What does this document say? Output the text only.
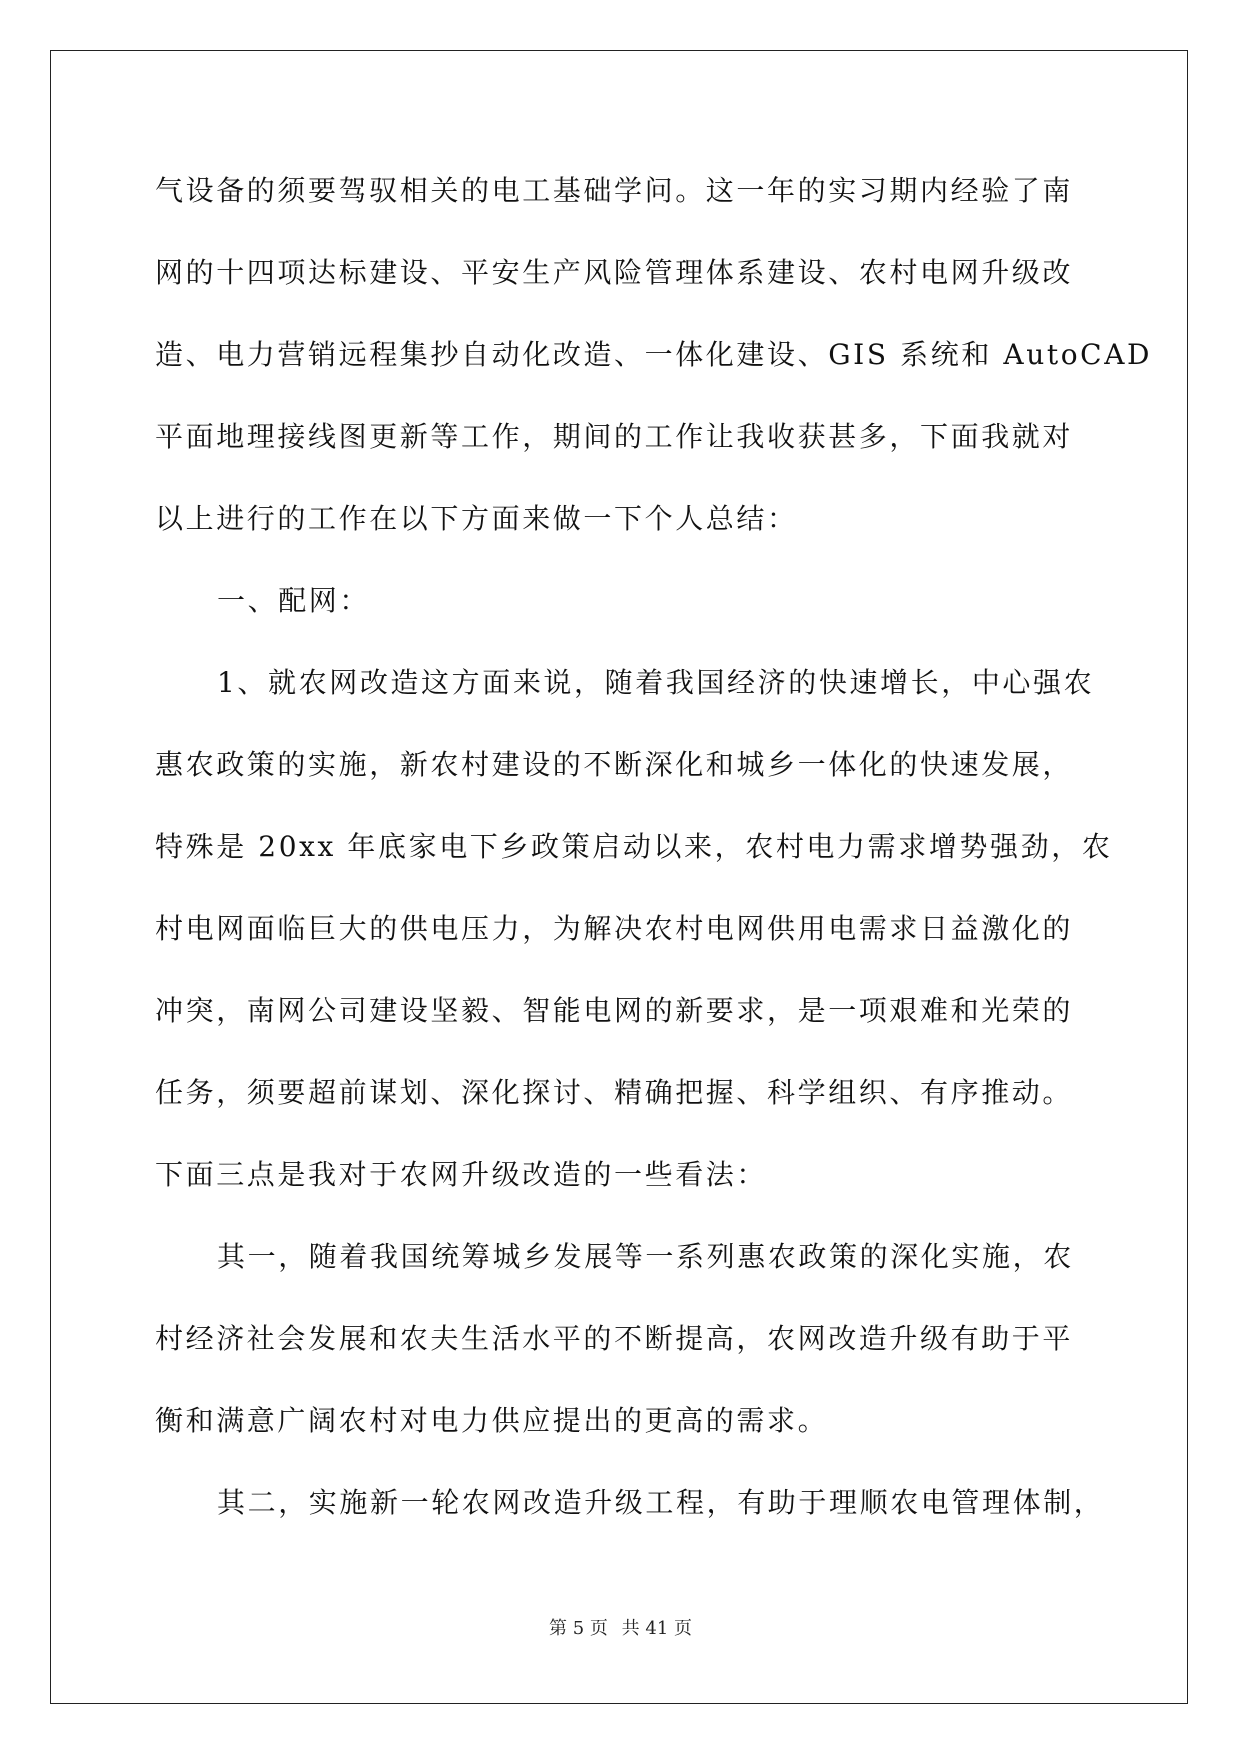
气设备的须要驾驭相关的电工基础学问。这一年的实习期内经验了南
网的十四项达标建设、平安生产风险管理体系建设、农村电网升级改
造、电力营销远程集抄自动化改造、一体化建设、GIS 系统和 AutoCAD
平面地理接线图更新等工作，期间的工作让我收获甚多，下面我就对
以上进行的工作在以下方面来做一下个人总结：
一、配网：
1、就农网改造这方面来说，随着我国经济的快速增长，中心强农
惠农政策的实施，新农村建设的不断深化和城乡一体化的快速发展，
特殊是 20xx 年底家电下乡政策启动以来，农村电力需求增势强劲，农
村电网面临巨大的供电压力，为解决农村电网供用电需求日益激化的
冲突，南网公司建设坚毅、智能电网的新要求，是一项艰难和光荣的
任务，须要超前谋划、深化探讨、精确把握、科学组织、有序推动。
下面三点是我对于农网升级改造的一些看法：
其一，随着我国统筹城乡发展等一系列惠农政策的深化实施，农
村经济社会发展和农夫生活水平的不断提高，农网改造升级有助于平
衡和满意广阔农村对电力供应提出的更高的需求。
其二，实施新一轮农网改造升级工程，有助于理顺农电管理体制，
第 5 页 共 41 页
